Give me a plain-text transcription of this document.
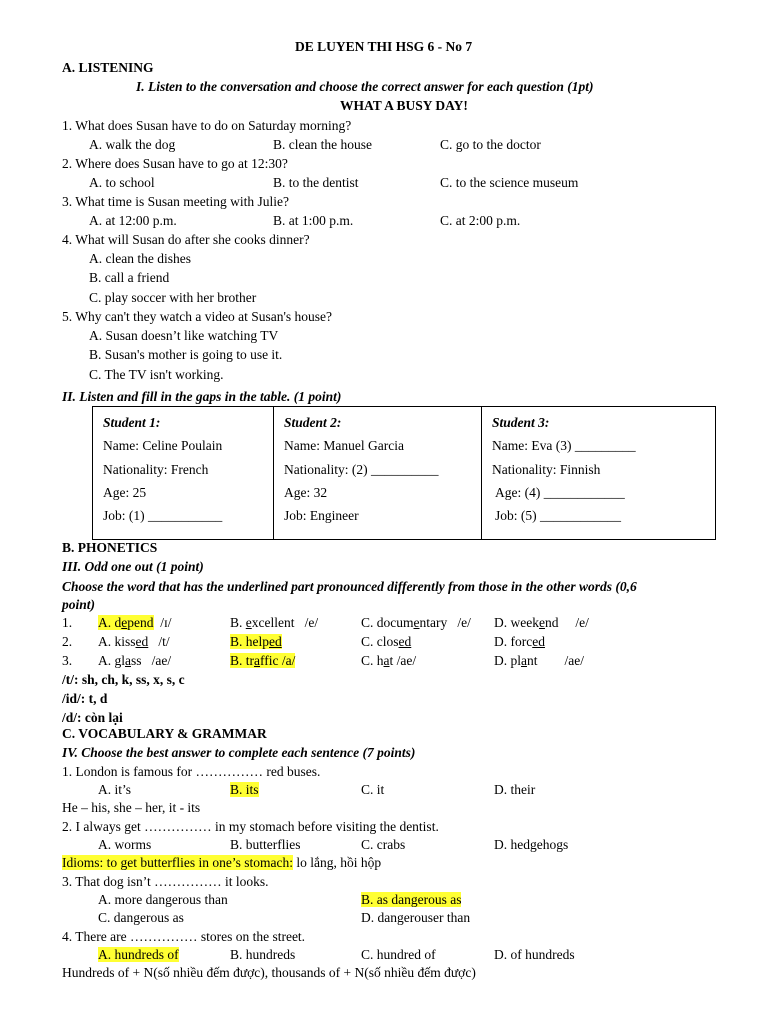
DE LUYEN THI HSG 6 - No 7
A. LISTENING
I. Listen to the conversation and choose the correct answer for each question (1pt)
WHAT A BUSY DAY!
1. What does Susan have to do on Saturday morning?
A. walk the dog	B. clean the house	C. go to the doctor
2. Where does Susan have to go at 12:30?
A. to school	B. to the dentist	C. to the science museum
3. What time is Susan meeting with Julie?
A. at 12:00 p.m.	B. at 1:00 p.m.	C. at 2:00 p.m.
4. What will Susan do after she cooks dinner?
A. clean the dishes
B. call a friend
C. play soccer with her brother
5. Why can't they watch a video at Susan's house?
A. Susan doesn’t like watching TV
B. Susan's mother is going to use it.
C. The TV isn't working.
II. Listen and fill in the gaps in the table. (1 point)
Student 1:
Name: Celine Poulain
Nationality: French
Age: 25
Job: (1) ___________

Student 2:
Name: Manuel Garcia
Nationality: (2) __________
Age: 32
Job: Engineer

Student 3:
Name: Eva (3) _________
Nationality: Finnish
Age: (4) ____________
Job: (5) ____________
B. PHONETICS
III. Odd one out (1 point)
Choose the word that has the underlined part pronounced differently from those in the other words (0,6
point)
1. A. depend /ɪ/	B. excellent /e/	C. documentary /e/ D. weekend /e/
2. A. kissed /t/	B. helped	C. closed	D. forced
3. A. glass /ae/	B. traffic /a/	C. hat /ae/	D. plant /ae/
/t/: sh, ch, k, ss, x, s, c
/id/: t, d
/d/: còn lại
C. VOCABULARY & GRAMMAR
IV. Choose the best answer to complete each sentence (7 points)
1. London is famous for …………… red buses.
A. it’s	B. its	C. it	D. their
He – his, she – her, it - its
2. I always get …………… in my stomach before visiting the dentist.
A. worms	B. butterflies	C. crabs	D. hedgehogs
Idioms: to get butterflies in one’s stomach: lo lắng, hồi hộp
3. That dog isn’t …………… it looks.
A. more dangerous than	B. as dangerous as
C. dangerous as	D. dangerouser than
4. There are …………… stores on the street.
A. hundreds of	B. hundreds	C. hundred of	D. of hundreds
Hundreds of + N(số nhiều đếm được), thousands of + N(số nhiều đếm được)
